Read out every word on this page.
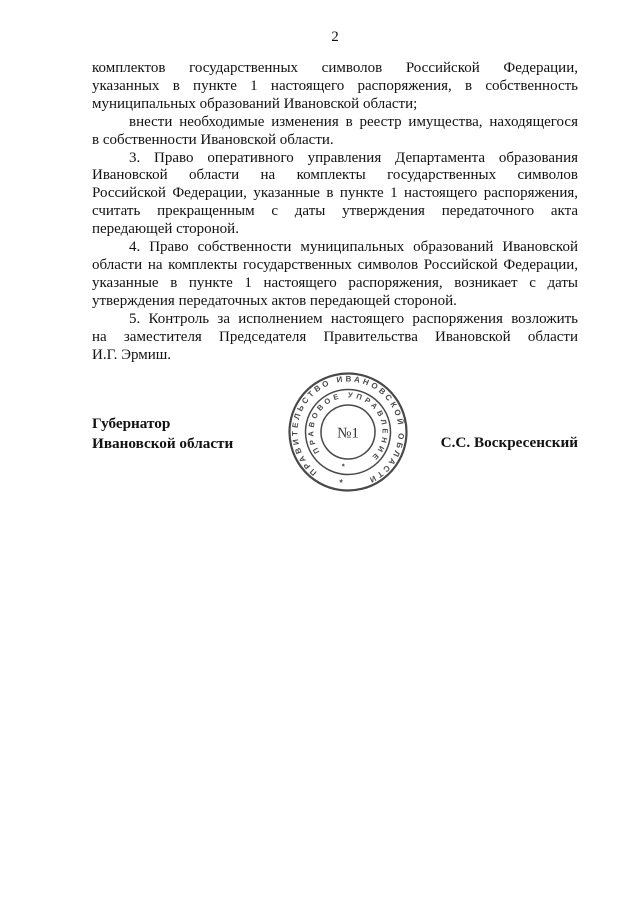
2
комплектов государственных символов Российской Федерации,
указанных в пункте 1 настоящего распоряжения, в собственность
муниципальных образований Ивановской области;
внести необходимые изменения в реестр имущества, находящегося
в собственности Ивановской области.
3. Право оперативного управления Департамента образования
Ивановской области на комплекты государственных символов
Российской Федерации, указанные в пункте 1 настоящего распоряжения,
считать прекращенным с даты утверждения передаточного акта
передающей стороной.
4. Право собственности муниципальных образований Ивановской
области на комплекты государственных символов Российской Федерации,
указанные в пункте 1 настоящего распоряжения, возникает с даты
утверждения передаточных актов передающей стороной.
5. Контроль за исполнением настоящего распоряжения возложить
на заместителя Председателя Правительства Ивановской области
И.Г. Эрмиш.
Губернатор
Ивановской области
ПРАВИТЕЛЬСТВО ИВАНОВСКОЙ ОБЛАСТИ
ПРАВОВОЕ УПРАВЛЕНИЕ
*
*
№1
С.С. Воскресенский
